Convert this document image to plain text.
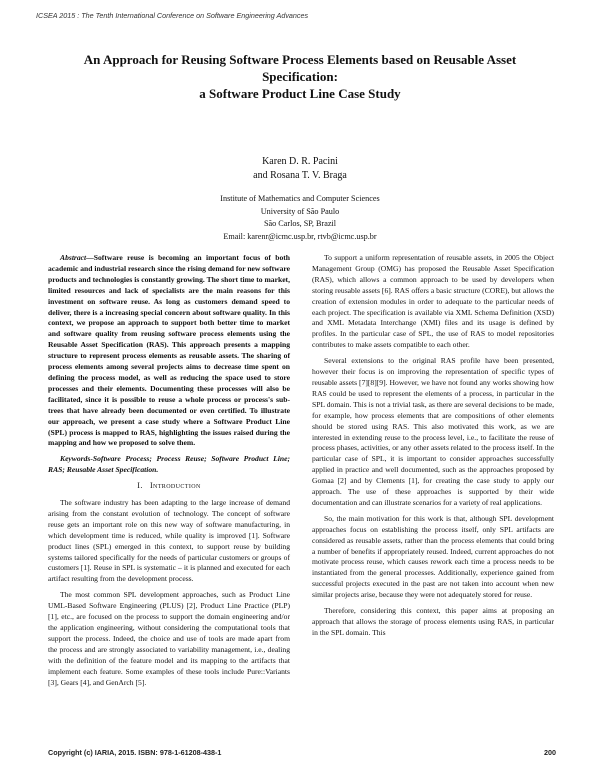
ICSEA 2015 : The Tenth International Conference on Software Engineering Advances
An Approach for Reusing Software Process Elements based on Reusable Asset
Specification:
a Software Product Line Case Study
Karen D. R. Pacini
and Rosana T. V. Braga
Institute of Mathematics and Computer Sciences
University of São Paulo
São Carlos, SP, Brazil
Email: karenr@icmc.usp.br, rtvb@icmc.usp.br

Abstract—Software reuse is becoming an important focus of both academic and industrial research since the rising demand for new software products and technologies is constantly growing. The short time to market, limited resources and lack of specialists are the main reasons for this investment on software reuse. As long as customers demand speed to deliver, there is a increasing special concern about software quality. In this context, we propose an approach to support both better time to market and software quality from reusing software process elements using the Reusable Asset Specification (RAS). This approach presents a mapping structure to represent process elements as reusable assets. The sharing of process elements among several projects aims to decrease time spent on defining the process model, as well as reducing the space used to store processes and their elements. Documenting these processes will also be facilitated, since it is possible to reuse a whole process or process's sub-trees that have already been documented or even certified. To illustrate our approach, we present a case study where a Software Product Line (SPL) process is mapped to RAS, highlighting the issues raised during the mapping and how we proposed to solve them.

Keywords-Software Process; Process Reuse; Software Product Line; RAS; Reusable Asset Specification.

I. Introduction

The software industry has been adapting to the large increase of demand arising from the constant evolution of technology. The concept of software reuse gets an important role on this new way of software manufacturing, in which development time is reduced, while quality is improved [1]. Software product lines (SPL) emerged in this context, to support reuse by building systems tailored specifically for the needs of particular customers or groups of customers [1]. Reuse in SPL is systematic – it is planned and executed for each artifact resulting from the development process.

The most common SPL development approaches, such as Product Line UML-Based Software Engineering (PLUS) [2], Product Line Practice (PLP) [1], etc., are focused on the process to support the domain engineering and/or the application engineering, without considering the computational tools that support the process. Indeed, the choice and use of tools are made apart from the process and are strongly associated to variability management, i.e., dealing with the definition of the feature model and its mapping to the artifacts that implement each feature. Some examples of these tools include Pure::Variants [3], Gears [4], and GenArch [5].

To support a uniform representation of reusable assets, in 2005 the Object Management Group (OMG) has proposed the Reusable Asset Specification (RAS), which allows a common approach to be used by developers when storing reusable assets [6]. RAS offers a basic structure (CORE), but allows the creation of extension modules in order to adequate to the particular needs of each project. The specification is available via XML Schema Definition (XSD) and XML Metadata Interchange (XMI) files and its usage is defined by profiles. In the particular case of SPL, the use of RAS to model repositories contributes to make assets compatible to each other.

Several extensions to the original RAS profile have been presented, however their focus is on improving the representation of specific types of reusable assets [7][8][9]. However, we have not found any works showing how RAS could be used to represent the elements of a process, in particular in the SPL domain. This is not a trivial task, as there are several decisions to be made, for example, how process elements that are compositions of other elements should be stored using RAS. This also motivated this work, as we are interested in extending reuse to the process level, i.e., to facilitate the reuse of process phases, activities, or any other assets related to the process itself. In the particular case of SPL, it is important to consider approaches successfully applied in practice and well documented, such as the approaches proposed by Gomaa [2] and by Clements [1], for creating the case study to apply our approach. The use of these approaches is supported by their wide documentation and can illustrate scenarios for a variety of real applications.

So, the main motivation for this work is that, although SPL development approaches focus on establishing the process itself, only SPL artifacts are considered as reusable assets, rather than the process elements that could bring a number of benefits if appropriately reused. Indeed, current approaches do not motivate process reuse, which causes rework each time a process needs to be instantiated from the general processes. Additionally, experience gained from successful projects executed in the past are not taken into account when new similar projects arise, because they were not adequately stored for reuse.

Therefore, considering this context, this paper aims at proposing an approach that allows the storage of process elements using RAS, in particular in the SPL domain. This

Copyright (c) IARIA, 2015. ISBN: 978-1-61208-438-1	200
